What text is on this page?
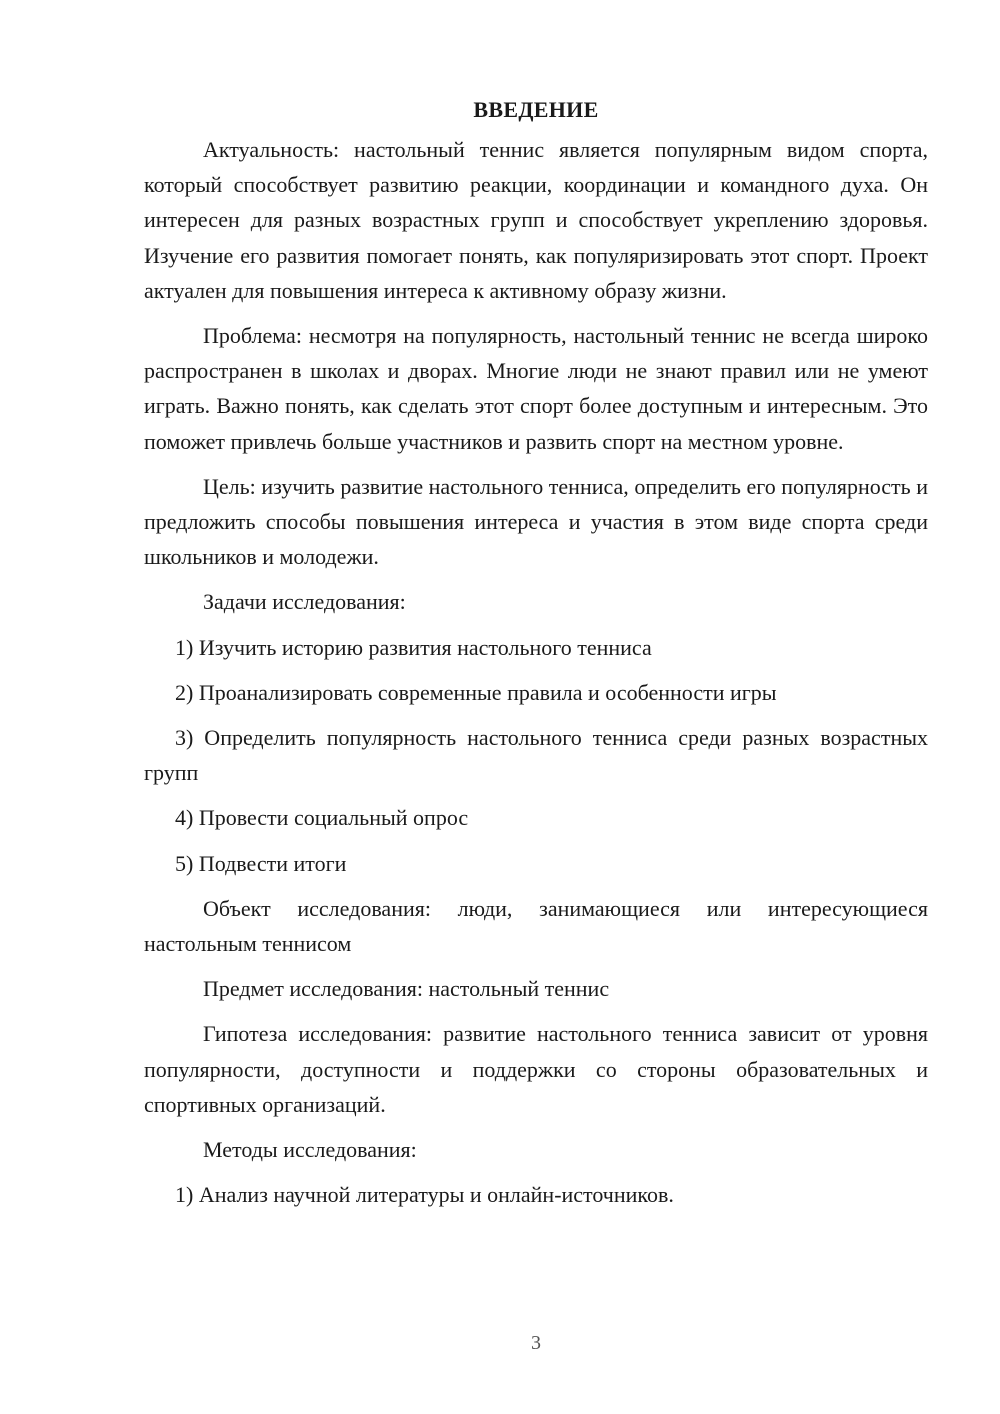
ВВЕДЕНИЕ

Актуальность: настольный теннис является популярным видом спорта, который способствует развитию реакции, координации и командного духа. Он интересен для разных возрастных групп и способствует укреплению здоровья. Изучение его развития помогает понять, как популяризировать этот спорт. Проект актуален для повышения интереса к активному образу жизни.

Проблема: несмотря на популярность, настольный теннис не всегда широко распространен в школах и дворах. Многие люди не знают правил или не умеют играть. Важно понять, как сделать этот спорт более доступным и интересным. Это поможет привлечь больше участников и развить спорт на местном уровне.

Цель: изучить развитие настольного тенниса, определить его популярность и предложить способы повышения интереса и участия в этом виде спорта среди школьников и молодежи.

Задачи исследования:

1) Изучить историю развития настольного тенниса

2) Проанализировать современные правила и особенности игры

3) Определить популярность настольного тенниса среди разных возрастных групп

4) Провести социальный опрос

5) Подвести итоги

Объект исследования: люди, занимающиеся или интересующиеся настольным теннисом

Предмет исследования: настольный теннис

Гипотеза исследования: развитие настольного тенниса зависит от уровня популярности, доступности и поддержки со стороны образовательных и спортивных организаций.

Методы исследования:

1) Анализ научной литературы и онлайн-источников.

3
